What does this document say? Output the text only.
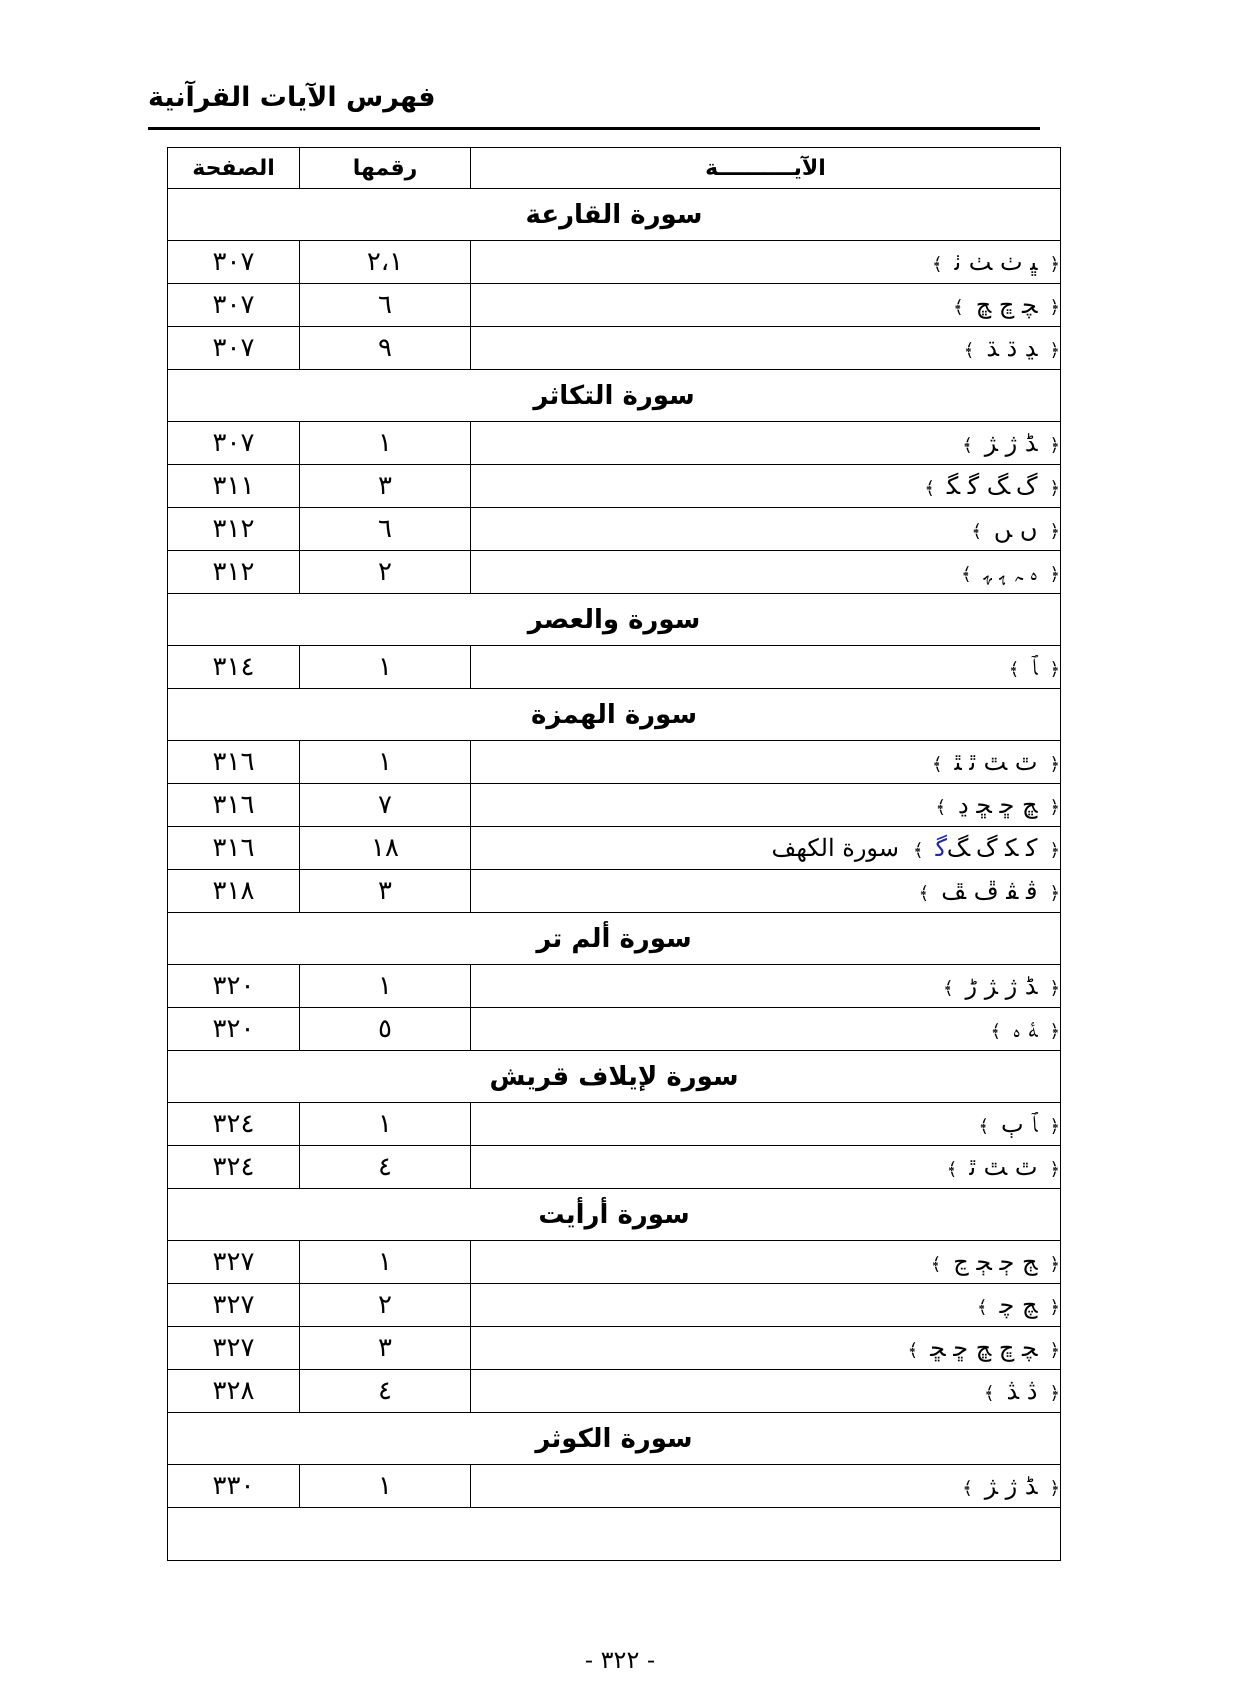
فهرس الآيات القرآنية
الصفحة	رقمها	الآيــــــــــة
سورة القارعة		
٣٠٧	٢،١	﴿ﭝ ﭞ ﭟ ﭠ﴾
٣٠٧	٦	﴿ﭽ ﭾ ﭿ﴾
٣٠٧	٩	﴿ﮃ ﮄ ﮅ﴾
سورة التكاثر		
٣٠٧	١	﴿ﮉ ﮊ ﮋ﴾
٣١١	٣	﴿ﮒ ﮓ ﮔ ﮕ﴾
٣١٢	٦	﴿ﮞ ﮟ﴾
٣١٢	٢	﴿ﮦ ﮧ ﮨ ﮩ﴾
سورة والعصر		
٣١٤	١	﴿ﭑ﴾
سورة الهمزة		
٣١٦	١	﴿ﭢ ﭣ ﭤ ﭥ﴾
٣١٦	٧	﴿ﭿ ﮀ ﮁ ﮂ﴾
٣١٦	١٨	﴿ﮐ ﮑ ﮒ ﮓﮔ﴾سورة الكهف
٣١٨	٣	﴿ﭬ ﭭ ﭮ ﭯ﴾
سورة ألم تر		
٣٢٠	١	﴿ﮉ ﮊ ﮋ ﮌ﴾
٣٢٠	٥	﴿ﮥ ﮦ﴾
سورة لإيلاف قريش		
٣٢٤	١	﴿ﭑ ﭒ﴾
٣٢٤	٤	﴿ﭢ ﭣ ﭤ﴾
سورة أرأيت		
٣٢٧	١	﴿ﭳ ﭴ ﭵ ﭶ﴾
٣٢٧	٢	﴿ﭻ ﭼ﴾
٣٢٧	٣	﴿ﭽ ﭾ ﭿ ﮀ ﮁ﴾
٣٢٨	٤	﴿ﮆ ﮇ﴾
سورة الكوثر		
٣٣٠	١	﴿ﮉ ﮊ ﮋ﴾

- ٣٢٢ -
